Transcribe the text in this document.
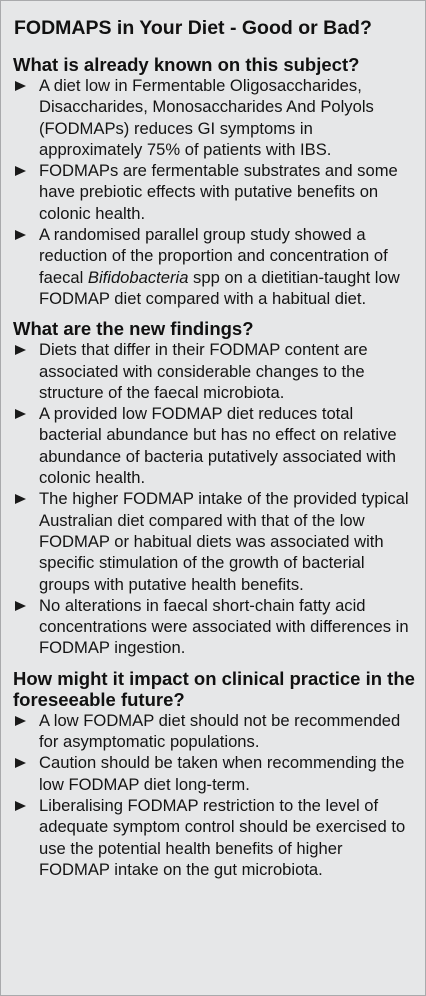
FODMAPS in Your Diet - Good or Bad?
What is already known on this subject?
A diet low in Fermentable Oligosaccharides, Disaccharides, Monosaccharides And Polyols (FODMAPs) reduces GI symptoms in approximately 75% of patients with IBS.
FODMAPs are fermentable substrates and some have prebiotic effects with putative benefits on colonic health.
A randomised parallel group study showed a reduction of the proportion and concentration of faecal Bifidobacteria spp on a dietitian-taught low FODMAP diet compared with a habitual diet.
What are the new findings?
Diets that differ in their FODMAP content are associated with considerable changes to the structure of the faecal microbiota.
A provided low FODMAP diet reduces total bacterial abundance but has no effect on relative abundance of bacteria putatively associated with colonic health.
The higher FODMAP intake of the provided typical Australian diet compared with that of the low FODMAP or habitual diets was associated with specific stimulation of the growth of bacterial groups with putative health benefits.
No alterations in faecal short-chain fatty acid concentrations were associated with differences in FODMAP ingestion.
How might it impact on clinical practice in the foreseeable future?
A low FODMAP diet should not be recommended for asymptomatic populations.
Caution should be taken when recommending the low FODMAP diet long-term.
Liberalising FODMAP restriction to the level of adequate symptom control should be exercised to use the potential health benefits of higher FODMAP intake on the gut microbiota.
